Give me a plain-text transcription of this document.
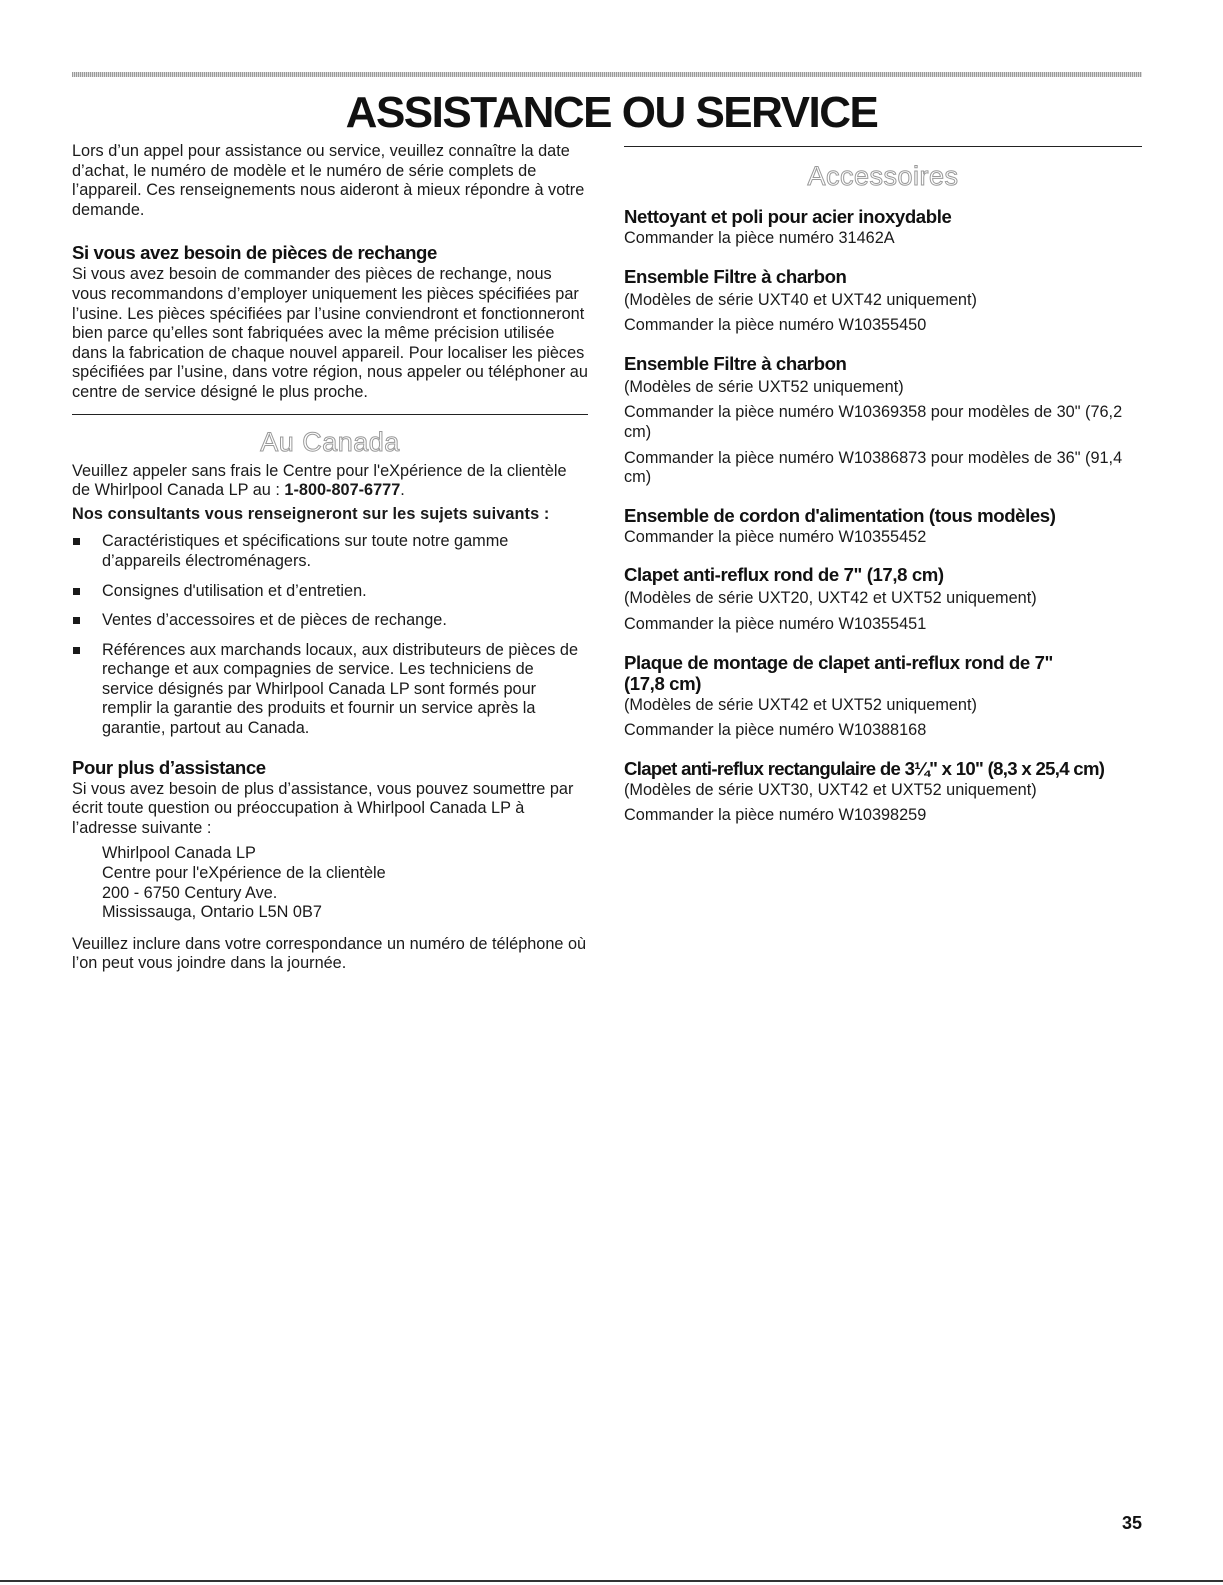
ASSISTANCE OU SERVICE

Lors d’un appel pour assistance ou service, veuillez connaître la date d’achat, le numéro de modèle et le numéro de série complets de l’appareil. Ces renseignements nous aideront à mieux répondre à votre demande.

Si vous avez besoin de pièces de rechange

Si vous avez besoin de commander des pièces de rechange, nous vous recommandons d’employer uniquement les pièces spécifiées par l’usine. Les pièces spécifiées par l’usine conviendront et fonctionneront bien parce qu’elles sont fabriquées avec la même précision utilisée dans la fabrication de chaque nouvel appareil. Pour localiser les pièces spécifiées par l’usine, dans votre région, nous appeler ou téléphoner au centre de service désigné le plus proche.

Au Canada

Veuillez appeler sans frais le Centre pour l'eXpérience de la clientèle de Whirlpool Canada LP au : 1-800-807-6777.

Nos consultants vous renseigneront sur les sujets suivants :

Caractéristiques et spécifications sur toute notre gamme d’appareils électroménagers.
Consignes d'utilisation et d’entretien.
Ventes d’accessoires et de pièces de rechange.
Références aux marchands locaux, aux distributeurs de pièces de rechange et aux compagnies de service. Les techniciens de service désignés par Whirlpool Canada LP sont formés pour remplir la garantie des produits et fournir un service après la garantie, partout au Canada.
Pour plus d’assistance

Si vous avez besoin de plus d’assistance, vous pouvez soumettre par écrit toute question ou préoccupation à Whirlpool Canada LP à l’adresse suivante :

Whirlpool Canada LP

Centre pour l'eXpérience de la clientèle

200 - 6750 Century Ave.

Mississauga, Ontario L5N 0B7

Veuillez inclure dans votre correspondance un numéro de téléphone où l’on peut vous joindre dans la journée.

Accessoires
Nettoyant et poli pour acier inoxydable

Commander la pièce numéro 31462A

Ensemble Filtre à charbon

(Modèles de série UXT40 et UXT42 uniquement)

Commander la pièce numéro W10355450

Ensemble Filtre à charbon

(Modèles de série UXT52 uniquement)

Commander la pièce numéro W10369358 pour modèles de 30" (76,2 cm)

Commander la pièce numéro W10386873 pour modèles de 36" (91,4 cm)

Ensemble de cordon d'alimentation (tous modèles)

Commander la pièce numéro W10355452

Clapet anti-reflux rond de 7" (17,8 cm)

(Modèles de série UXT20, UXT42 et UXT52 uniquement)

Commander la pièce numéro W10355451

Plaque de montage de clapet anti-reflux rond de 7" (17,8 cm)

(Modèles de série UXT42 et UXT52 uniquement)

Commander la pièce numéro W10388168

Clapet anti-reflux rectangulaire de 3¼" x 10" (8,3 x 25,4 cm)

(Modèles de série UXT30, UXT42 et UXT52 uniquement)

Commander la pièce numéro W10398259

35
